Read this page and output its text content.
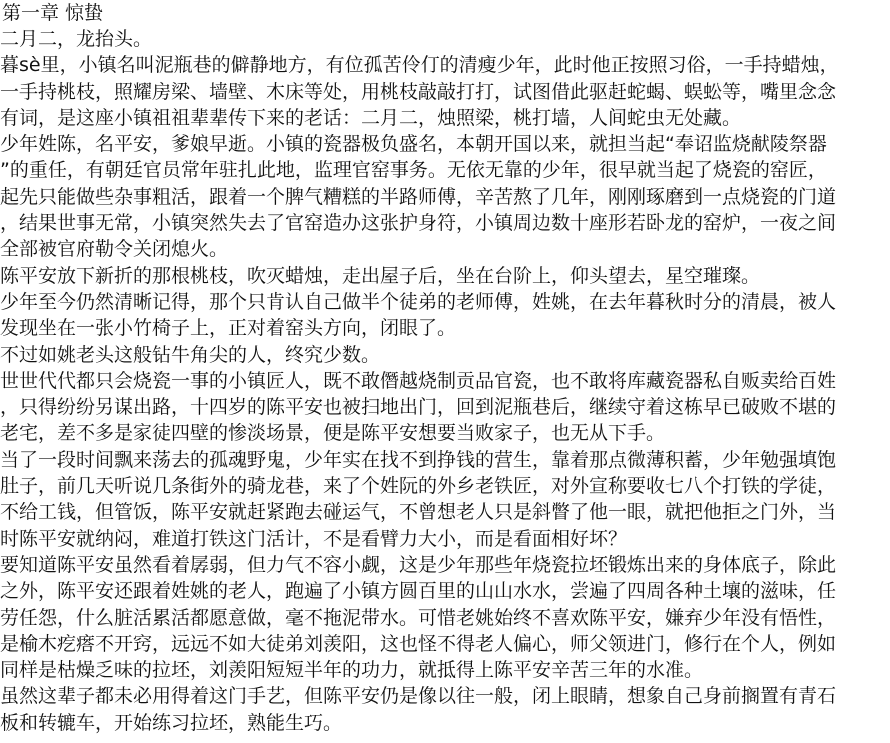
第一章 惊蛰
二月二，龙抬头。
暮sè里，小镇名叫泥瓶巷的僻静地方，有位孤苦伶仃的清瘦少年，此时他正按照习俗，一手持蜡烛，
一手持桃枝，照耀房梁、墙壁、木床等处，用桃枝敲敲打打，试图借此驱赶蛇蝎、蜈蚣等，嘴里念念
有词，是这座小镇祖祖辈辈传下来的老话：二月二，烛照梁，桃打墙，人间蛇虫无处藏。
少年姓陈，名平安，爹娘早逝。小镇的瓷器极负盛名，本朝开国以来，就担当起“奉诏监烧献陵祭器
”的重任，有朝廷官员常年驻扎此地，监理官窑事务。无依无靠的少年，很早就当起了烧瓷的窑匠，
起先只能做些杂事粗活，跟着一个脾气糟糕的半路师傅，辛苦熬了几年，刚刚琢磨到一点烧瓷的门道
，结果世事无常，小镇突然失去了官窑造办这张护身符，小镇周边数十座形若卧龙的窑炉，一夜之间
全部被官府勒令关闭熄火。
陈平安放下新折的那根桃枝，吹灭蜡烛，走出屋子后，坐在台阶上，仰头望去，星空璀璨。
少年至今仍然清晰记得，那个只肯认自己做半个徒弟的老师傅，姓姚，在去年暮秋时分的清晨，被人
发现坐在一张小竹椅子上，正对着窑头方向，闭眼了。
不过如姚老头这般钻牛角尖的人，终究少数。
世世代代都只会烧瓷一事的小镇匠人，既不敢僭越烧制贡品官瓷，也不敢将库藏瓷器私自贩卖给百姓
，只得纷纷另谋出路，十四岁的陈平安也被扫地出门，回到泥瓶巷后，继续守着这栋早已破败不堪的
老宅，差不多是家徒四壁的惨淡场景，便是陈平安想要当败家子，也无从下手。
当了一段时间飘来荡去的孤魂野鬼，少年实在找不到挣钱的营生，靠着那点微薄积蓄，少年勉强填饱
肚子，前几天听说几条街外的骑龙巷，来了个姓阮的外乡老铁匠，对外宣称要收七八个打铁的学徒，
不给工钱，但管饭，陈平安就赶紧跑去碰运气，不曾想老人只是斜瞥了他一眼，就把他拒之门外，当
时陈平安就纳闷，难道打铁这门活计，不是看臂力大小，而是看面相好坏？
要知道陈平安虽然看着孱弱，但力气不容小觑，这是少年那些年烧瓷拉坯锻炼出来的身体底子，除此
之外，陈平安还跟着姓姚的老人，跑遍了小镇方圆百里的山山水水，尝遍了四周各种土壤的滋味，任
劳任怨，什么脏活累活都愿意做，毫不拖泥带水。可惜老姚始终不喜欢陈平安，嫌弃少年没有悟性，
是榆木疙瘩不开窍，远远不如大徒弟刘羡阳，这也怪不得老人偏心，师父领进门，修行在个人，例如
同样是枯燥乏味的拉坯，刘羡阳短短半年的功力，就抵得上陈平安辛苦三年的水准。
虽然这辈子都未必用得着这门手艺，但陈平安仍是像以往一般，闭上眼睛，想象自己身前搁置有青石
板和转辘车，开始练习拉坯，熟能生巧。
